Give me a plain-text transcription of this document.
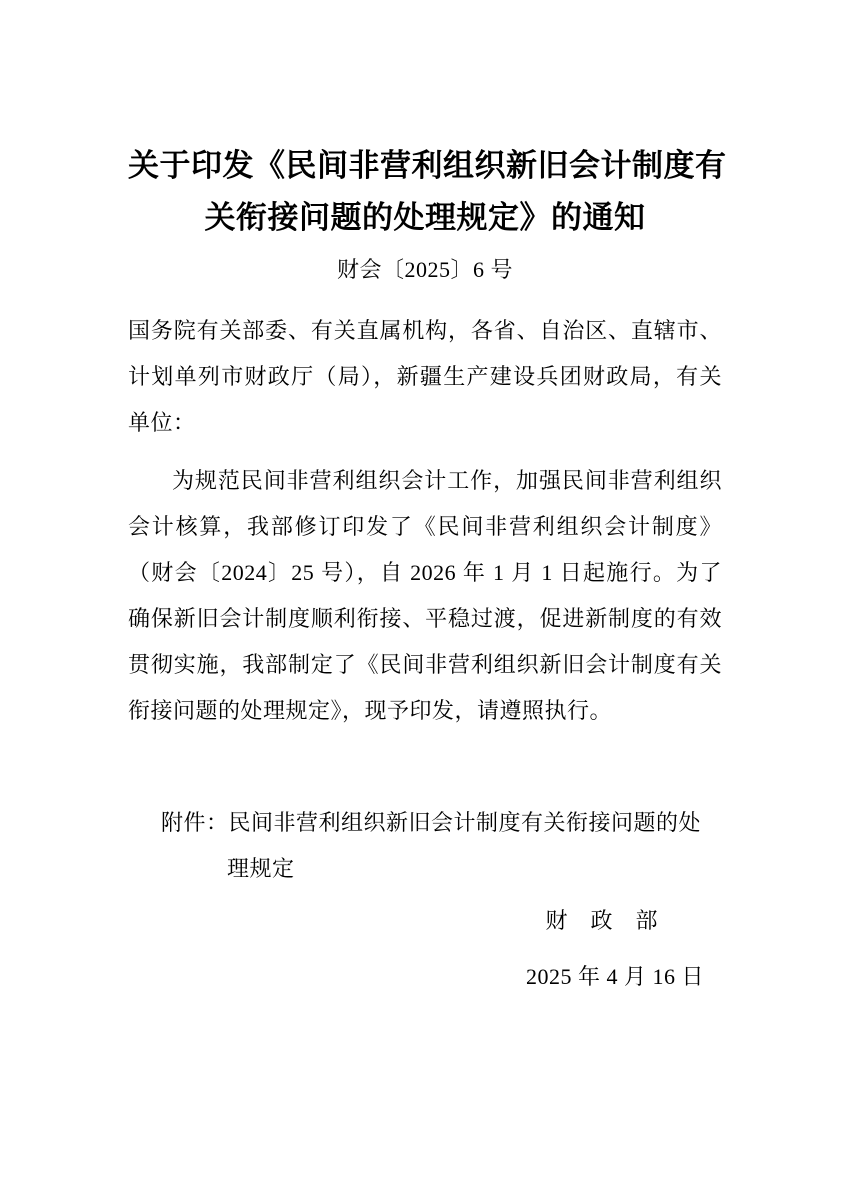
关于印发《民间非营利组织新旧会计制度有
关衔接问题的处理规定》的通知
财会〔2025〕6 号

国务院有关部委、有关直属机构，各省、自治区、直辖市、计划单列市财政厅（局），新疆生产建设兵团财政局，有关单位：

为规范民间非营利组织会计工作，加强民间非营利组织会计核算，我部修订印发了《民间非营利组织会计制度》（财会〔2024〕25 号），自 2026 年 1 月 1 日起施行。为了确保新旧会计制度顺利衔接、平稳过渡，促进新制度的有效贯彻实施，我部制定了《民间非营利组织新旧会计制度有关衔接问题的处理规定》，现予印发，请遵照执行。

附件：民间非营利组织新旧会计制度有关衔接问题的处理规定

财　政　部
2025 年 4 月 16 日
